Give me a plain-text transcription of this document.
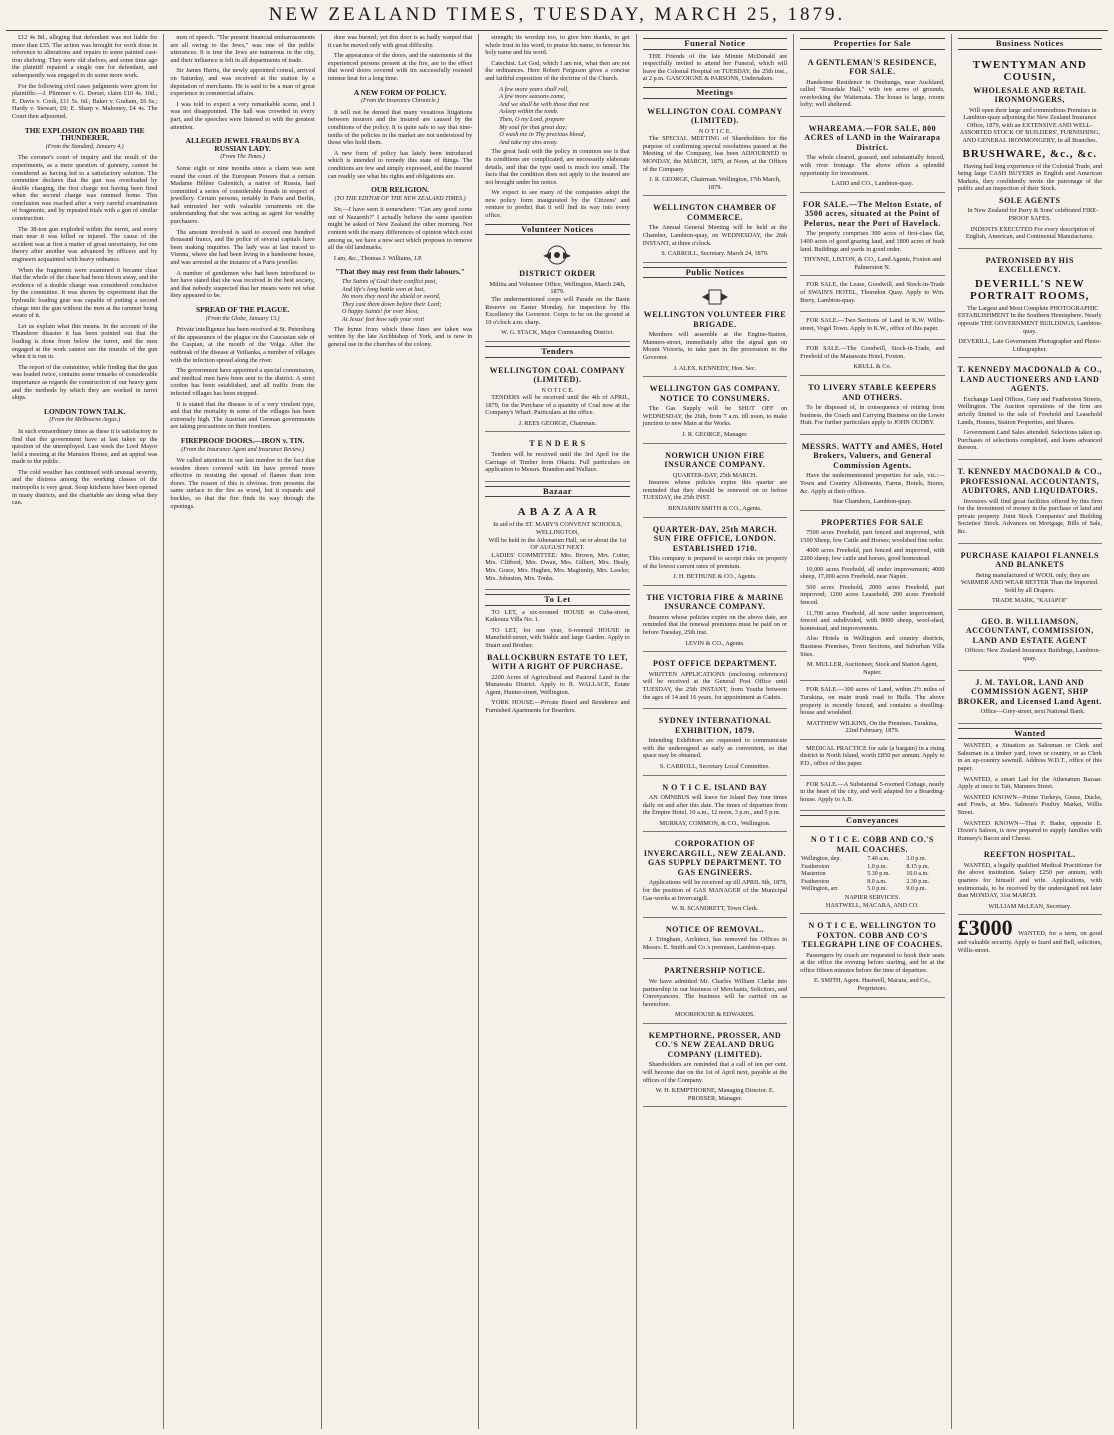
NEW ZEALAND TIMES, TUESDAY, MARCH 25, 1879.

£12 4s 8d., alleging that defendant was not liable for more than £35. The action was brought for work done in reference to alterations and repairs to some painted cast-iron shelving. They were old shelves, and some time ago the plaintiff repaired a single one for defendant, and subsequently was engaged to do some more work.

For the following civil cases judgments were given for plaintiffs:—J. Plimmer v. G. Dorset, claim £10 4s. 10d.; E. Davis v. Cook, £11 5s. 6d.; Baker v. Graham, £6 6s.; Hardy v. Stewart, £9; E. Sharp v. Mahoney, £4 4s. The Court then adjourned.

THE EXPLOSION ON BOARD THE THUNDERER.
(From the Standard, January 4.)

The coroner's court of inquiry and the result of the experiments, as a mere question of gunnery, cannot be considered as having led to a satisfactory solution. The committee declares that the gun was overloaded by double charging, the first charge not having been fired when the second charge was rammed home. This conclusion was reached after a very careful examination of fragments, and by repeated trials with a gun of similar construction.

The 38-ton gun exploded within the turret, and every man near it was killed or injured. The cause of the accident was at first a matter of great uncertainty, for one theory after another was advanced by officers and by engineers acquainted with heavy ordnance.

When the fragments were examined it became clear that the whole of the chase had been blown away, and the evidence of a double charge was considered conclusive by the committee. It was shown by experiment that the hydraulic loading gear was capable of putting a second charge into the gun without the men at the rammer being aware of it.

Let us explain what this means. In the account of the Thunderer disaster it has been pointed out that the loading is done from below the turret, and the men engaged at the work cannot see the muzzle of the gun when it is run in.

The report of the committee, while finding that the gun was loaded twice, contains some remarks of considerable importance as regards the construction of our heavy guns and the methods by which they are worked in turret ships.

LONDON TOWN TALK.
(From the Melbourne Argus.)

In such extraordinary times as these it is satisfactory to find that the government have at last taken up the question of the unemployed. Last week the Lord Mayor held a meeting at the Mansion House, and an appeal was made to the public.

The cold weather has continued with unusual severity, and the distress among the working classes of the metropolis is very great. Soup kitchens have been opened in many districts, and the charitable are doing what they can.

men of speech. "The present financial embarrassments are all owing to the Jews," was one of the public utterances. It is true the Jews are numerous in the city, and their influence is felt in all departments of trade.

Sir James Harris, the newly appointed consul, arrived on Saturday, and was received at the station by a deputation of merchants. He is said to be a man of great experience in commercial affairs.

I was told to expect a very remarkable scene, and I was not disappointed. The hall was crowded in every part, and the speeches were listened to with the greatest attention.

ALLEGED JEWEL FRAUDS BY A RUSSIAN LADY.
(From The Times.)

Some eight or nine months since a claim was sent round the court of the European Powers that a certain Madame Hélène Gulenitch, a native of Russia, had committed a series of considerable frauds in respect of jewellery. Certain persons, notably in Paris and Berlin, had entrusted her with valuable ornaments on the understanding that she was acting as agent for wealthy purchasers.

The amount involved is said to exceed one hundred thousand francs, and the police of several capitals have been making inquiries. The lady was at last traced to Vienna, where she had been living in a handsome house, and was arrested at the instance of a Paris jeweller.

A number of gentlemen who had been introduced to her have stated that she was received in the best society, and that nobody suspected that her means were not what they appeared to be.

SPREAD OF THE PLAGUE.
(From the Globe, January 13.)

Private intelligence has been received at St. Petersburg of the appearance of the plague on the Caucasian side of the Caspian, at the mouth of the Volga. After the outbreak of the disease at Vetlianka, a number of villages with the infection spread along the river.

The government have appointed a special commission, and medical men have been sent to the district. A strict cordon has been established, and all traffic from the infected villages has been stopped.

It is stated that the disease is of a very virulent type, and that the mortality in some of the villages has been extremely high. The Austrian and German governments are taking precautions on their frontiers.

FIREPROOF DOORS.—IRON v. TIN.
(From the Insurance Agent and Insurance Review.)

We called attention in our last number to the fact that wooden doors covered with tin have proved more effective in resisting the spread of flames than iron doors. The reason of this is obvious. Iron presents the same surface to the fire as wood, but it expands and buckles, so that the fire finds its way through the openings.

door was burned; yet this door is as badly warped that it can be moved only with great difficulty.

The appearance of the doors, and the statements of the experienced persons present at the fire, are to the effect that wood doors covered with tin successfully resisted intense heat for a long time.

A NEW FORM OF POLICY.
(From the Insurance Chronicle.)

It will not be denied that many vexatious litigations between insurers and the insured are caused by the conditions of the policy. It is quite safe to say that nine-tenths of the policies in the market are not understood by those who hold them.

A new form of policy has lately been introduced which is intended to remedy this state of things. The conditions are few and simply expressed, and the insured can readily see what his rights and obligations are.

OUR RELIGION.
(TO THE EDITOR OF THE NEW ZEALAND TIMES.)

Sir,—I have seen it somewhere: "Can any good come out of Nazareth?" I actually believe the same question might be asked of New Zealand the other morning. Not content with the many differences of opinion which exist among us, we have a new sect which proposes to remove all the old landmarks.

I am, &c., Thomas J. Williams, J.P.

"That they may rest from their labours."
The Saints of God! their conflict past,
And life's long battle won at last,
No more they need the shield or sword,
They cast them down before their Lord;
O happy Saints! for ever blest,
At Jesus' feet how safe your rest!

The hymn from which these lines are taken was written by the late Archbishop of York, and is now in general use in the churches of the colony.

strength; its worship too, to give him thanks, to get whole trust in his word, to praise his name, to honour his holy name and his word.

Catechist. Let God, which I am not, what then are not the ordinances. Here Robert Ferguson gives a concise and faithful exposition of the doctrine of the Church.

A few more years shall roll,
A few more seasons come,
And we shall be with those that rest
Asleep within the tomb.
Then, O my Lord, prepare
My soul for that great day;
O wash me in Thy precious blood,
And take my sins away.

The great fault with the policy in common use is that its conditions are complicated, are necessarily elaborate details, and that the type used is much too small. The facts that the condition does not apply to the insured are not brought under his notice.

We expect to see many of the companies adopt the new policy form inaugurated by the Citizens' and venture to predict that it will find its way into every office.

Volunteer Notices
DISTRICT ORDER
Militia and Volunteer Office, Wellington, March 24th, 1879.

The undermentioned corps will Parade on the Basin Reserve on Easter Monday, for inspection by His Excellency the Governor. Corps to be on the ground at 10 o'clock a.m. sharp.

W. G. STACK, Major Commanding District.
Tenders
WELLINGTON COAL COMPANY (LIMITED).
N O T I C E.

TENDERS will be received until the 4th of APRIL, 1879, for the Purchase of a quantity of Coal now at the Company's Wharf. Particulars at the office.

J. REES GEORGE, Chairman.
T E N D E R S

Tenders will be received until the 3rd April for the Carriage of Timber from Ohariu. Full particulars on application to Messrs. Brandon and Wallace.

Bazaar
A B A Z A A R
In aid of the ST. MARY'S CONVENT SCHOOLS, WELLINGTON,
Will be held in the Athenæum Hall, on or about the 1st OF AUGUST NEXT.

LADIES' COMMITTEE: Mrs. Brown, Mrs. Cotter, Mrs. Clifford, Mrs. Dwan, Mrs. Gilbert, Mrs. Healy, Mrs. Grace, Mrs. Hughes, Mrs. Maginnity, Mrs. Lawlor, Mrs. Johnston, Mrs. Tonks.

To Let

TO LET, a six-roomed HOUSE in Cuba-street, Kaikoura Villa No. 1.

TO LET, for one year, 6-roomed HOUSE in Mansfield-street, with Stable and large Garden. Apply to Stuart and Brother.

BALLOCKBURN ESTATE TO LET, WITH A RIGHT OF PURCHASE.

2200 Acres of Agricultural and Pastoral Land in the Manawatu District. Apply to R. WALLACE, Estate Agent, Hunter-street, Wellington.

YORK HOUSE.—Private Board and Residence and Furnished Apartments for Boarders.

Funeral Notice

THE Friends of the late Minnie McDonald are respectfully invited to attend her Funeral, which will leave the Colonial Hospital on TUESDAY, the 25th inst., at 2 p.m. GASCOIGNE & PARSONS, Undertakers.

Meetings
WELLINGTON COAL COMPANY (LIMITED).
N O T I C E.

The SPECIAL MEETING of Shareholders for the purpose of confirming special resolutions passed at the Meeting of the Company, has been ADJOURNED to MONDAY, the MARCH, 1879, at Noon, at the Offices of the Company.

J. R. GEORGE, Chairman. Wellington, 17th March, 1879.
WELLINGTON CHAMBER OF COMMERCE.

The Annual General Meeting will be held at the Chamber, Lambton-quay, on WEDNESDAY, the 26th INSTANT, at three o'clock.

S. CARROLL, Secretary. March 24, 1879.
Public Notices
WELLINGTON VOLUNTEER FIRE BRIGADE.

Members will assemble at the Engine-Station, Manners-street, immediately after the signal gun on Mount Victoria, to take part in the procession to the Governor.

J. ALEX. KENNEDY, Hon. Sec.
WELLINGTON GAS COMPANY. NOTICE TO CONSUMERS.

The Gas Supply will be SHUT OFF on WEDNESDAY, the 26th, from 7 a.m. till noon, to make junction to new Main at the Works.

J. R. GEORGE, Manager.
NORWICH UNION FIRE INSURANCE COMPANY.
QUARTER-DAY, 25th MARCH.

Insurers whose policies expire this quarter are reminded that they should be renewed on or before TUESDAY, the 25th INST.

BENJAMIN SMITH & CO., Agents.
QUARTER-DAY, 25th MARCH. SUN FIRE OFFICE, LONDON. ESTABLISHED 1710.

This company is prepared to accept risks on property of the lowest current rates of premium.

J. H. BETHUNE & CO., Agents.
THE VICTORIA FIRE & MARINE INSURANCE COMPANY.

Insurers whose policies expire on the above date, are reminded that the renewal premiums must be paid on or before Tuesday, 25th inst.

LEVIN & CO., Agents.
POST OFFICE DEPARTMENT.

WRITTEN APPLICATIONS (enclosing references) will be received at the General Post Office until TUESDAY, the 25th INSTANT, from Youths between the ages of 14 and 16 years, for appointment as Cadets.

SYDNEY INTERNATIONAL EXHIBITION, 1879.

Intending Exhibitors are requested to communicate with the undersigned as early as convenient, so that space may be obtained.

S. CARROLL, Secretary Local Committee.
N O T I C E. ISLAND BAY

AN OMNIBUS will leave for Island Bay four times daily on and after this date. The times of departure from the Empire Hotel, 10 a.m., 12 noon, 3 p.m., and 5 p.m.

MURRAY, COMMON, & CO., Wellington.
CORPORATION OF INVERCARGILL, NEW ZEALAND. GAS SUPPLY DEPARTMENT. TO GAS ENGINEERS.

Applications will be received up till APRIL 9th, 1879, for the position of GAS MANAGER of the Municipal Gas-works at Invercargill.

W. B. SCANDRETT, Town Clerk.
NOTICE OF REMOVAL.

J. Tringham, Architect, has removed his Offices to Messrs. E. Smith and Co.'s premises, Lambton-quay.

PARTNERSHIP NOTICE.

We have admitted Mr. Charles William Clarke into partnership in our business of Merchants, Solicitors, and Conveyancers. The business will be carried on as heretofore.

MOORHOUSE & EDWARDS.
KEMPTHORNE, PROSSER, AND CO.'S NEW ZEALAND DRUG COMPANY (LIMITED).

Shareholders are reminded that a call of ten per cent. will become due on the 1st of April next, payable at the offices of the Company.

W. H. KEMPTHORNE, Managing Director. E. PROSSER, Manager.
Properties for Sale
A GENTLEMAN'S RESIDENCE, FOR SALE.

Handsome Residence in Onehunga, near Auckland, called "Rosedale Hall," with ten acres of grounds, overlooking the Waitemata. The house is large, rooms lofty; well sheltered.

WHAREAMA.—FOR SALE, 800 ACRES of LAND in the Wairarapa District.

The whole cleared, grassed, and substantially fenced, with river frontage. The above offers a splendid opportunity for investment.

LADD and CO., Lambton-quay.
FOR SALE.—The Melton Estate, of 3500 acres, situated at the Point of Pelorus, near the Port of Havelock.

The property comprises 300 acres of first-class flat, 1400 acres of good grazing land, and 1800 acres of bush land. Buildings and yards in good order.

THYNNE, LISTON, & CO., Land Agents, Foxton and Palmerston N.

FOR SALE, the Lease, Goodwill, and Stock-in-Trade of SWAIN'S HOTEL, Thorndon Quay. Apply to Wm. Berry, Lambton-quay.

FOR SALE.—Two Sections of Land in K.W. Willis-street, Vogel Town. Apply to K.W., office of this paper.

FOR SALE.—The Goodwill, Stock-in-Trade, and Freehold of the Manawatu Hotel, Foxton.

KRULL & Co.
TO LIVERY STABLE KEEPERS AND OTHERS.

To be disposed of, in consequence of retiring from business, the Coach and Carrying Business on the Lower Hutt. For further particulars apply to JOHN OUDBY.

MESSRS. WATTY and AMES, Hotel Brokers, Valuers, and General Commission Agents.

Have the undermentioned properties for sale, viz.:—Town and Country Allotments, Farms, Hotels, Stores, &c. Apply at their offices.

Star Chambers, Lambton-quay.
PROPERTIES FOR SALE

7500 acres Freehold, part fenced and improved, with 1500 Sheep, few Cattle and Horses; woolshed fine order.

4000 acres Freehold, part fenced and improved, with 2200 sheep, few cattle and horses, good homestead.

10,000 acres Freehold, all under improvement; 4000 sheep, 17,000 acres Freehold, near Napier.

500 acres Freehold, 2000 acres Freehold, part improved; 1200 acres Leasehold, 200 acres Freehold fenced.

11,700 acres Freehold, all now under improvement, fenced and subdivided, with 8000 sheep, wool-shed, homestead, and improvements.

Also Hotels in Wellington and country districts, Business Premises, Town Sections, and Suburban Villa Sites.

M. MULLER, Auctioneer, Stock and Station Agent, Napier.

FOR SALE.—300 acres of Land, within 2½ miles of Turakina, on main trunk road to Bulls. The above property is recently fenced, and contains a dwelling-house and woolshed.

MATTHEW WILKINS, On the Premises. Turakina, 22nd February, 1879.

MEDICAL PRACTICE for sale (a bargain) in a rising district in North Island, worth £850 per annum. Apply to P.D., office of this paper.

FOR SALE.—A Substantial 5-roomed Cottage, nearly in the heart of the city, and well adapted for a Boarding-house. Apply to A.B.

Conveyances
N O T I C E. COBB AND CO.'S MAIL COACHES.
Wellington, dep.	7.40 a.m.	3.0 p.m.
Featherston	1.0 p.m.	8.15 p.m.
Masterton	5.30 p.m.	10.0 a.m.
Featherston	8.0 a.m.	2.30 p.m.
Wellington, arr.	5.0 p.m.	9.0 p.m.
NAPIER SERVICES.
HASTWELL, MACARA, AND CO.
N O T I C E. WELLINGTON TO FOXTON. COBB AND CO'S TELEGRAPH LINE OF COACHES.

Passengers by coach are requested to book their seats at the office the evening before starting, and be at the office fifteen minutes before the time of departure.

E. SMITH, Agent. Hastwell, Macara, and Co., Proprietors.
Business Notices
TWENTYMAN AND COUSIN,
WHOLESALE AND RETAIL IRONMONGERS,

Will open their large and commodious Premises in Lambton-quay adjoining the New Zealand Insurance Office, 1879, with an EXTENSIVE AND WELL-ASSORTED STOCK OF BUILDERS', FURNISHING, AND GENERAL IRONMONGERY, In all Branches.

BRUSHWARE, &c., &c.

Having had long experience of the Colonial Trade, and being large CASH BUYERS in English and American Markets, they confidently invite the patronage of the public and an inspection of their Stock.

SOLE AGENTS

In New Zealand for Parry & Sons' celebrated FIRE-PROOF SAFES.

INDENTS EXECUTED For every description of English, American, and Continental Manufactures.

PATRONISED BY HIS EXCELLENCY.
DEVERILL'S NEW PORTRAIT ROOMS,

The Largest and Most Complete PHOTOGRAPHIC ESTABLISHMENT In the Southern Hemisphere. Nearly opposite THE GOVERNMENT BUILDINGS, Lambton-quay.

DEVERILL, Late Government Photographer and Photo-Lithographer.
T. KENNEDY MACDONALD & CO., LAND AUCTIONEERS AND LAND AGENTS.

Exchange Land Offices, Grey and Featherston Streets, Wellington. The Auction operations of the firm are strictly limited to the sale of Freehold and Leasehold Lands, Houses, Station Properties, and Shares.

Government Land Sales attended. Selections taken up. Purchases of selections completed, and loans advanced thereon.

T. KENNEDY MACDONALD & CO., PROFESSIONAL ACCOUNTANTS, AUDITORS, AND LIQUIDATORS.

Investors will find great facilities offered by this firm for the investment of money in the purchase of land and private property. Joint Stock Companies' and Building Societies' Stock. Advances on Mortgage, Bills of Sale, &c.

PURCHASE KAIAPOI FLANNELS AND BLANKETS

Being manufactured of WOOL only, they are WARMER AND WEAR BETTER Than the Imported. Sold by all Drapers.

TRADE MARK, "KAIAPOI"
GEO. B. WILLIAMSON, ACCOUNTANT, COMMISSION, LAND AND ESTATE AGENT

Offices: New Zealand Insurance Buildings, Lambton-quay.

J. M. TAYLOR, LAND AND COMMISSION AGENT, SHIP BROKER, and Licensed Land Agent.

Office—Grey-street, next National Bank.

Wanted

WANTED, a Situation as Salesman or Clerk and Salesman in a timber yard, town or country, or as Clerk in an up-country sawmill. Address W.D.T., office of this paper.

WANTED, a smart Lad for the Athenæum Bazaar. Apply at once to Tait, Manners Street.

WANTED KNOWN—Prime Turkeys, Geese, Ducks, and Fowls, at Mrs. Salmon's Poultry Market, Willis Street.

WANTED KNOWN—That F. Bader, opposite E. Dixon's Saloon, is now prepared to supply families with Rumsey's Bacon and Cheese.

REEFTON HOSPITAL.

WANTED, a legally qualified Medical Practitioner for the above institution. Salary £250 per annum, with quarters for himself and wife. Applications, with testimonials, to be received by the undersigned not later than MONDAY, 31st MARCH.

WILLIAM McLEAN, Secretary.
£3000 WANTED, for a term, on good and valuable security. Apply to Izard and Bell, solicitors, Willis-street.
